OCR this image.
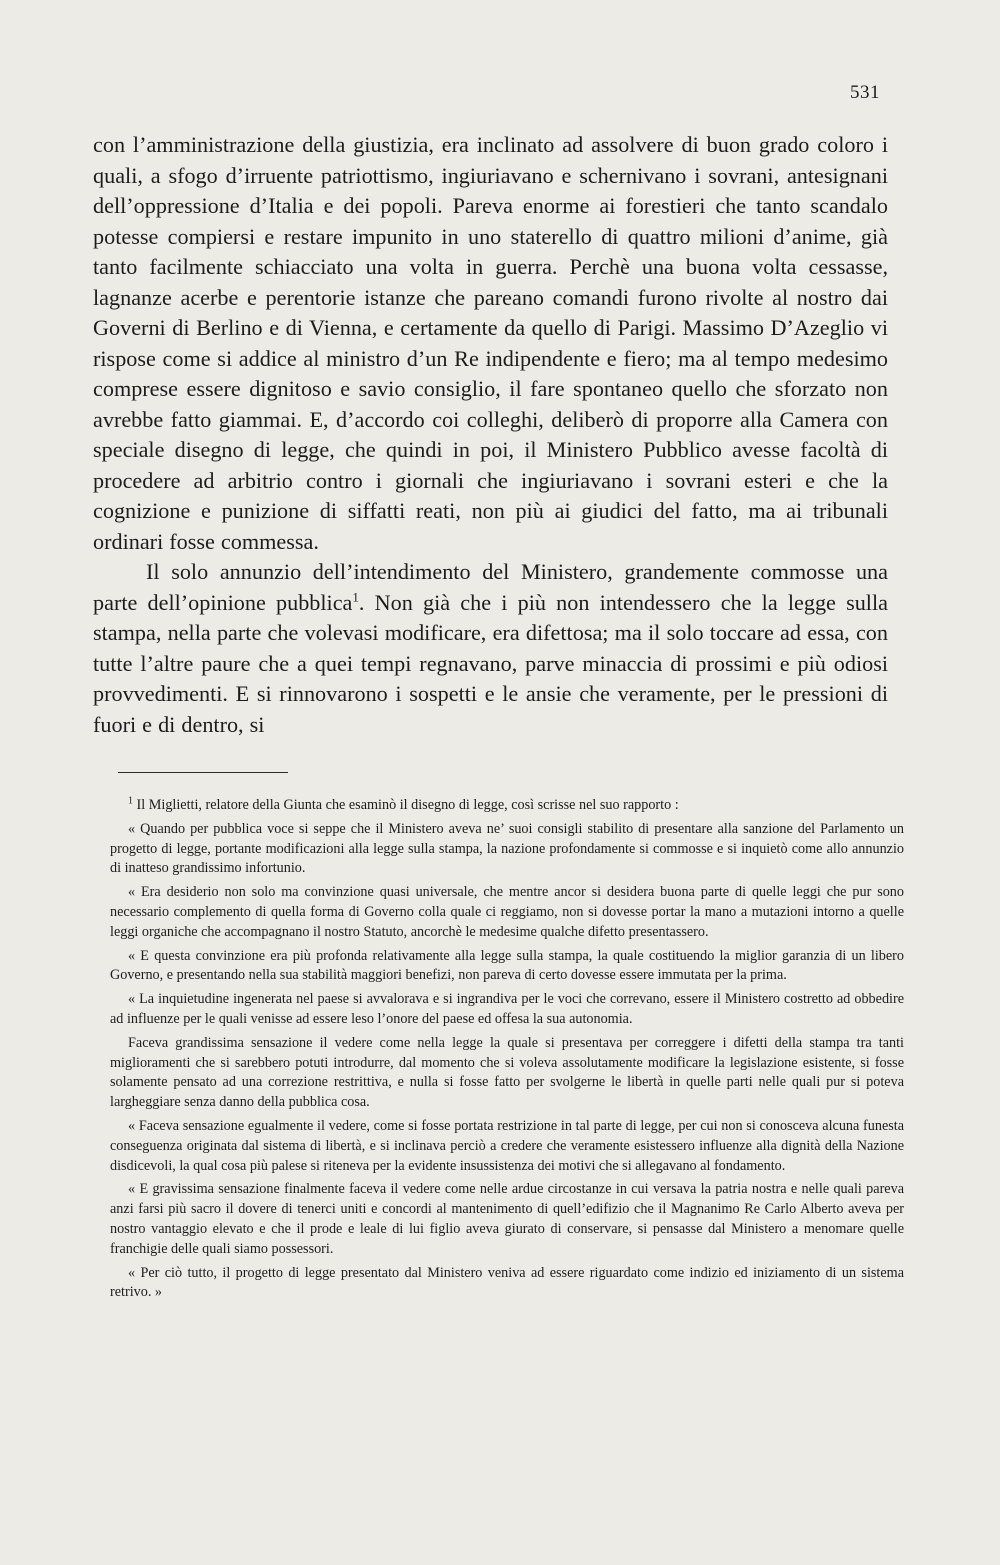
531

con l’amministrazione della giustizia, era inclinato ad assolvere di buon grado coloro i quali, a sfogo d’irruente patriottismo, ingiuriavano e schernivano i sovrani, antesignani dell’oppressione d’Italia e dei popoli. Pareva enorme ai forestieri che tanto scandalo potesse compiersi e restare impunito in uno staterello di quattro milioni d’anime, già tanto facilmente schiacciato una volta in guerra. Perchè una buona volta cessasse, lagnanze acerbe e perentorie istanze che pareano comandi furono rivolte al nostro dai Governi di Berlino e di Vienna, e certamente da quello di Parigi. Massimo D’Azeglio vi rispose come si addice al ministro d’un Re indipendente e fiero; ma al tempo medesimo comprese essere dignitoso e savio consiglio, il fare spontaneo quello che sforzato non avrebbe fatto giammai. E, d’accordo coi colleghi, deliberò di proporre alla Camera con speciale disegno di legge, che quindi in poi, il Ministero Pubblico avesse facoltà di procedere ad arbitrio contro i giornali che ingiuriavano i sovrani esteri e che la cognizione e punizione di siffatti reati, non più ai giudici del fatto, ma ai tribunali ordinari fosse commessa.

Il solo annunzio dell’intendimento del Ministero, grandemente commosse una parte dell’opinione pubblica$^1$. Non già che i più non intendessero che la legge sulla stampa, nella parte che volevasi modificare, era difettosa; ma il solo toccare ad essa, con tutte l’altre paure che a quei tempi regnavano, parve minaccia di prossimi e più odiosi provvedimenti. E si rinnovarono i sospetti e le ansie che veramente, per le pressioni di fuori e di dentro, si

$^1$ Il Miglietti, relatore della Giunta che esaminò il disegno di legge, così scrisse nel suo rapporto :

« Quando per pubblica voce si seppe che il Ministero aveva ne’ suoi consigli stabilito di presentare alla sanzione del Parlamento un progetto di legge, portante modificazioni alla legge sulla stampa, la nazione profondamente si commosse e si inquietò come allo annunzio di inatteso grandissimo infortunio.

« Era desiderio non solo ma convinzione quasi universale, che mentre ancor si desidera buona parte di quelle leggi che pur sono necessario complemento di quella forma di Governo colla quale ci reggiamo, non si dovesse portar la mano a mutazioni intorno a quelle leggi organiche che accompagnano il nostro Statuto, ancorchè le medesime qualche difetto presentassero.

« E questa convinzione era più profonda relativamente alla legge sulla stampa, la quale costituendo la miglior garanzia di un libero Governo, e presentando nella sua stabilità maggiori benefizi, non pareva di certo dovesse essere immutata per la prima.

« La inquietudine ingenerata nel paese si avvalorava e si ingrandiva per le voci che correvano, essere il Ministero costretto ad obbedire ad influenze per le quali venisse ad essere leso l’onore del paese ed offesa la sua autonomia.

Faceva grandissima sensazione il vedere come nella legge la quale si presentava per correggere i difetti della stampa tra tanti miglioramenti che si sarebbero potuti introdurre, dal momento che si voleva assolutamente modificare la legislazione esistente, si fosse solamente pensato ad una correzione restrittiva, e nulla si fosse fatto per svolgerne le libertà in quelle parti nelle quali pur si poteva largheggiare senza danno della pubblica cosa.

« Faceva sensazione egualmente il vedere, come si fosse portata restrizione in tal parte di legge, per cui non si conosceva alcuna funesta conseguenza originata dal sistema di libertà, e si inclinava perciò a credere che veramente esistessero influenze alla dignità della Nazione disdicevoli, la qual cosa più palese si riteneva per la evidente insussistenza dei motivi che si allegavano al fondamento.

« E gravissima sensazione finalmente faceva il vedere come nelle ardue circostanze in cui versava la patria nostra e nelle quali pareva anzi farsi più sacro il dovere di tenerci uniti e concordi al mantenimento di quell’edifizio che il Magnanimo Re Carlo Alberto aveva per nostro vantaggio elevato e che il prode e leale di lui figlio aveva giurato di conservare, si pensasse dal Ministero a menomare quelle franchigie delle quali siamo possessori.

« Per ciò tutto, il progetto di legge presentato dal Ministero veniva ad essere riguardato come indizio ed iniziamento di un sistema retrivo. »
